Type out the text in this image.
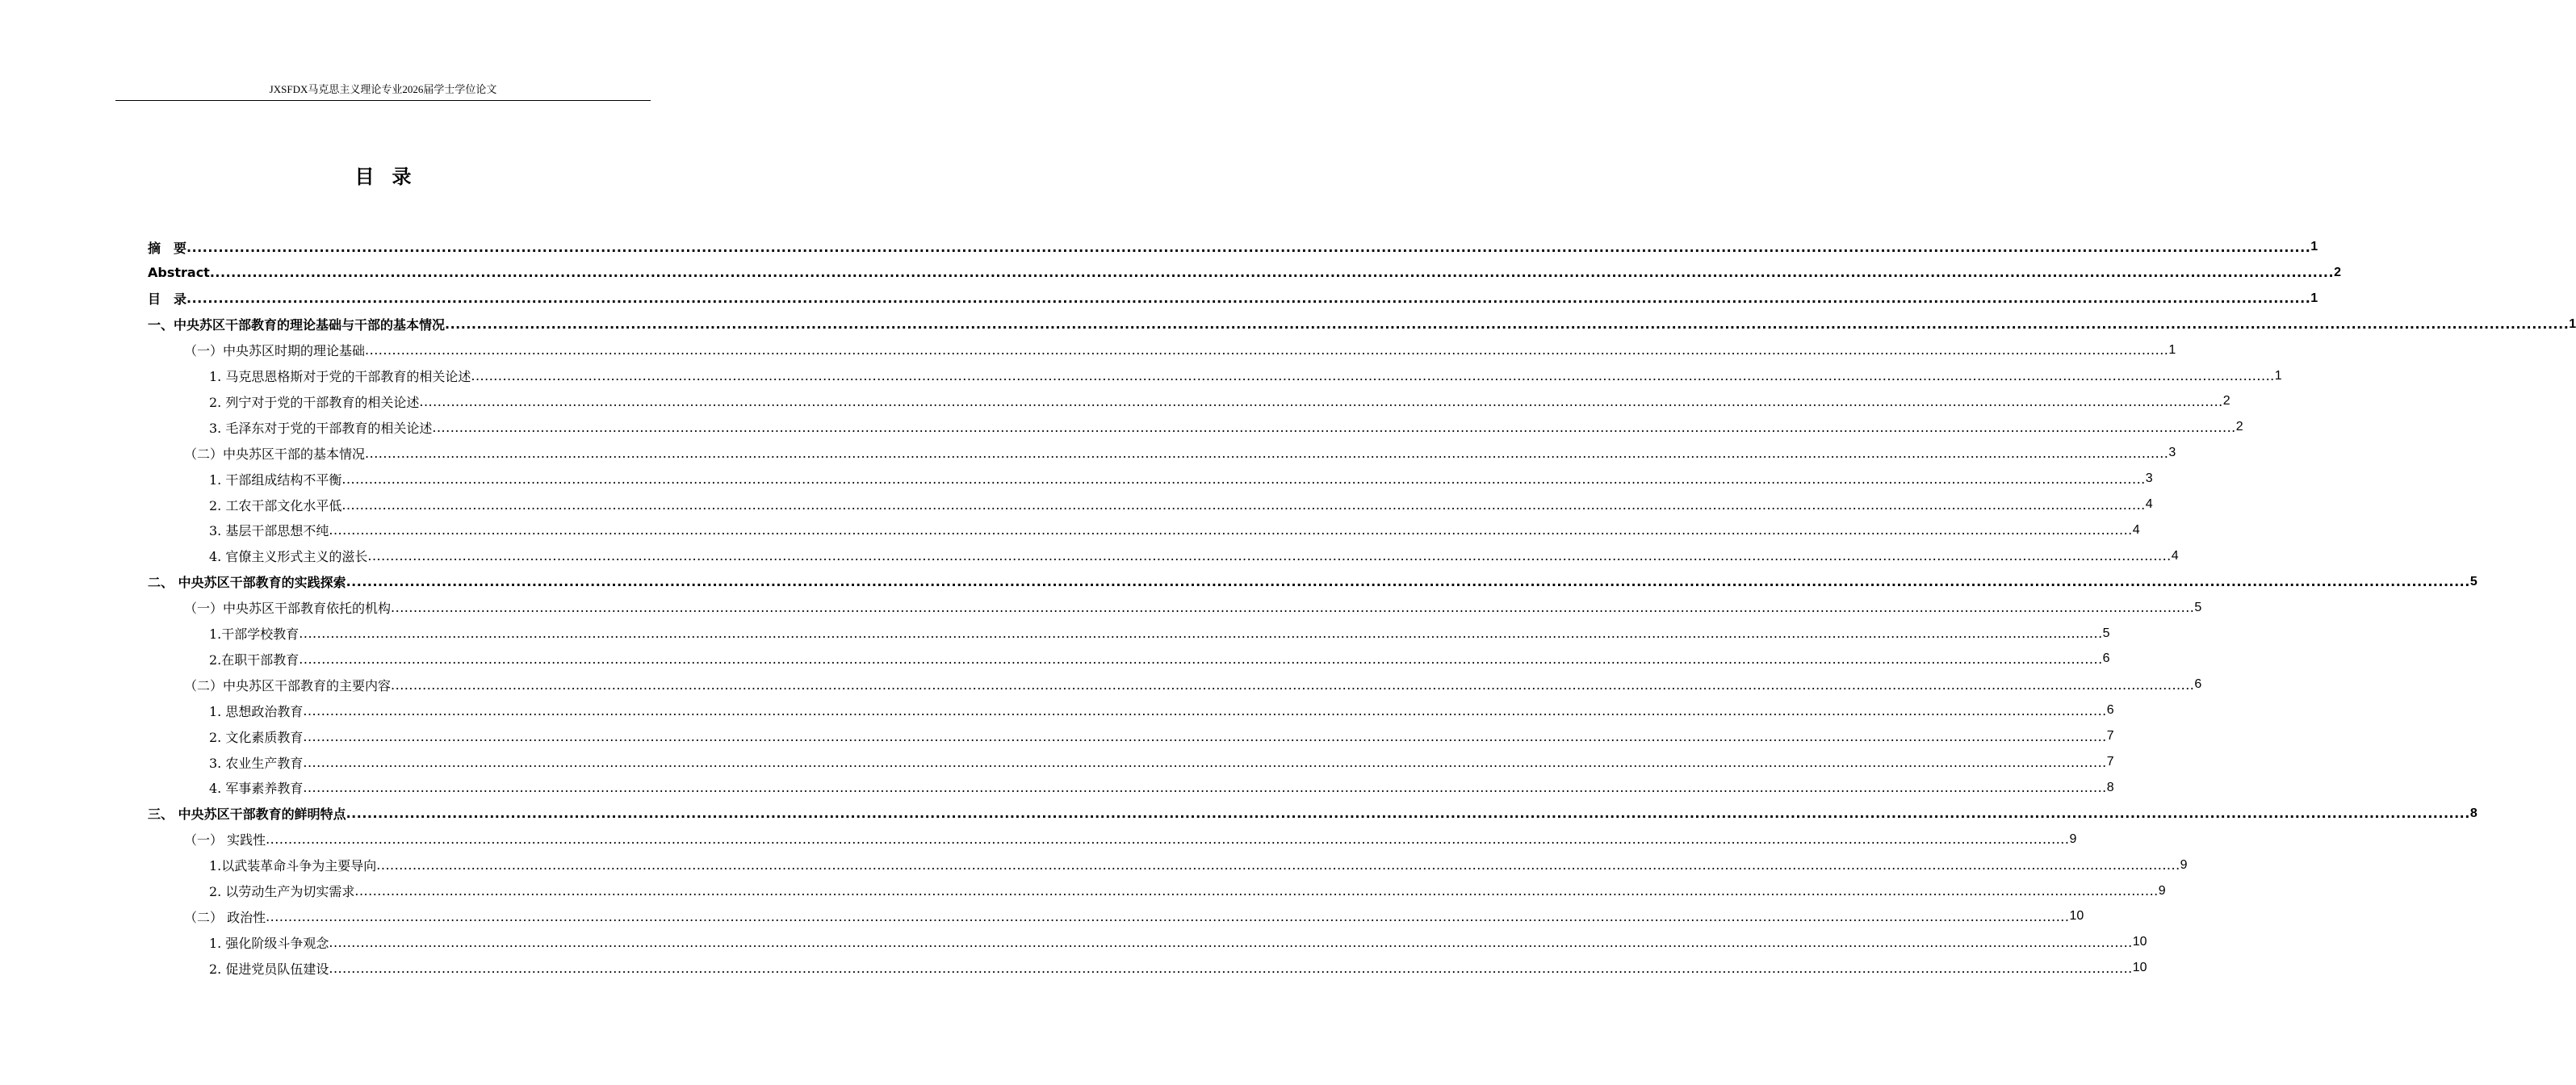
JXSFDX马克思主义理论专业2026届学士学位论文
目录
摘　要 ................................................................................................................................................................................................................................................................................................................................................................................................................ 1
Abstract ................................................................................................................................................................................................................................................................................................................................................................................................................ 2
目　录 ................................................................................................................................................................................................................................................................................................................................................................................................................ 1
一、中央苏区干部教育的理论基础与干部的基本情况 ................................................................................................................................................................................................................................................................................................................................................................................................................ 1
（一）中央苏区时期的理论基础 ................................................................................................................................................................................................................................................................................................................................................................................................................ 1
1. 马克思恩格斯对于党的干部教育的相关论述 ................................................................................................................................................................................................................................................................................................................................................................................................................ 1
2. 列宁对于党的干部教育的相关论述 ................................................................................................................................................................................................................................................................................................................................................................................................................ 2
3. 毛泽东对于党的干部教育的相关论述 ................................................................................................................................................................................................................................................................................................................................................................................................................ 2
（二）中央苏区干部的基本情况 ................................................................................................................................................................................................................................................................................................................................................................................................................ 3
1. 干部组成结构不平衡 ................................................................................................................................................................................................................................................................................................................................................................................................................ 3
2. 工农干部文化水平低 ................................................................................................................................................................................................................................................................................................................................................................................................................ 4
3. 基层干部思想不纯 ................................................................................................................................................................................................................................................................................................................................................................................................................ 4
4. 官僚主义形式主义的滋长 ................................................................................................................................................................................................................................................................................................................................................................................................................ 4
二、 中央苏区干部教育的实践探索 ................................................................................................................................................................................................................................................................................................................................................................................................................ 5
（一）中央苏区干部教育依托的机构 ................................................................................................................................................................................................................................................................................................................................................................................................................ 5
1.干部学校教育 ................................................................................................................................................................................................................................................................................................................................................................................................................ 5
2.在职干部教育 ................................................................................................................................................................................................................................................................................................................................................................................................................ 6
（二）中央苏区干部教育的主要内容 ................................................................................................................................................................................................................................................................................................................................................................................................................ 6
1. 思想政治教育 ................................................................................................................................................................................................................................................................................................................................................................................................................ 6
2. 文化素质教育 ................................................................................................................................................................................................................................................................................................................................................................................................................ 7
3. 农业生产教育 ................................................................................................................................................................................................................................................................................................................................................................................................................ 7
4. 军事素养教育 ................................................................................................................................................................................................................................................................................................................................................................................................................ 8
三、 中央苏区干部教育的鲜明特点 ................................................................................................................................................................................................................................................................................................................................................................................................................ 8
（一） 实践性 ................................................................................................................................................................................................................................................................................................................................................................................................................ 9
1.以武装革命斗争为主要导向 ................................................................................................................................................................................................................................................................................................................................................................................................................ 9
2. 以劳动生产为切实需求 ................................................................................................................................................................................................................................................................................................................................................................................................................ 9
（二） 政治性 ................................................................................................................................................................................................................................................................................................................................................................................................................ 10
1. 强化阶级斗争观念 ................................................................................................................................................................................................................................................................................................................................................................................................................ 10
2. 促进党员队伍建设 ................................................................................................................................................................................................................................................................................................................................................................................................................ 10
